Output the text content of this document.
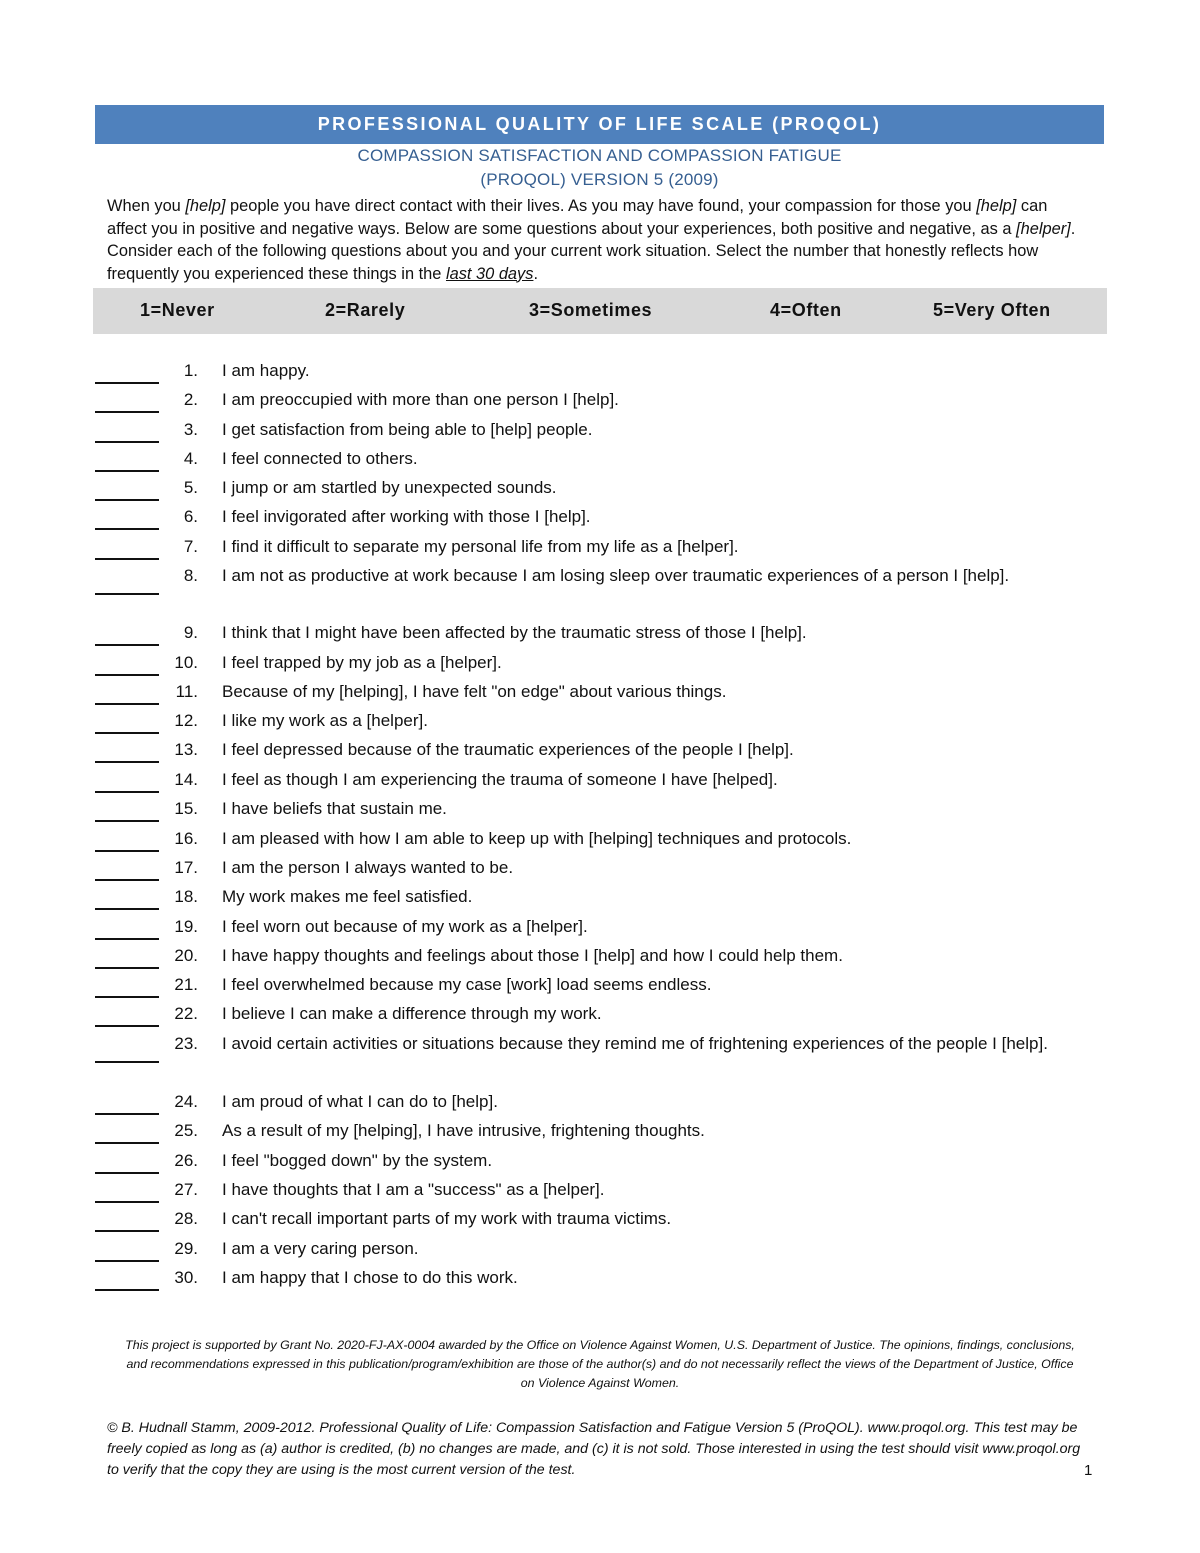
PROFESSIONAL QUALITY OF LIFE SCALE (PROQOL)
COMPASSION SATISFACTION AND COMPASSION FATIGUE
(PROQOL) VERSION 5 (2009)
When you [help] people you have direct contact with their lives. As you may have found, your compassion for those you [help] can affect you in positive and negative ways. Below are some questions about your experiences, both positive and negative, as a [helper]. Consider each of the following questions about you and your current work situation. Select the number that honestly reflects how frequently you experienced these things in the last 30 days.
1=Never	2=Rarely	3=Sometimes	4=Often	5=Very Often
1. I am happy.
2. I am preoccupied with more than one person I [help].
3. I get satisfaction from being able to [help] people.
4. I feel connected to others.
5. I jump or am startled by unexpected sounds.
6. I feel invigorated after working with those I [help].
7. I find it difficult to separate my personal life from my life as a [helper].
8. I am not as productive at work because I am losing sleep over traumatic experiences of a person I [help].
9. I think that I might have been affected by the traumatic stress of those I [help].
10. I feel trapped by my job as a [helper].
11. Because of my [helping], I have felt "on edge" about various things.
12. I like my work as a [helper].
13. I feel depressed because of the traumatic experiences of the people I [help].
14. I feel as though I am experiencing the trauma of someone I have [helped].
15. I have beliefs that sustain me.
16. I am pleased with how I am able to keep up with [helping] techniques and protocols.
17. I am the person I always wanted to be.
18. My work makes me feel satisfied.
19. I feel worn out because of my work as a [helper].
20. I have happy thoughts and feelings about those I [help] and how I could help them.
21. I feel overwhelmed because my case [work] load seems endless.
22. I believe I can make a difference through my work.
23. I avoid certain activities or situations because they remind me of frightening experiences of the people I [help].
24. I am proud of what I can do to [help].
25. As a result of my [helping], I have intrusive, frightening thoughts.
26. I feel "bogged down" by the system.
27. I have thoughts that I am a "success" as a [helper].
28. I can't recall important parts of my work with trauma victims.
29. I am a very caring person.
30. I am happy that I chose to do this work.
This project is supported by Grant No. 2020-FJ-AX-0004 awarded by the Office on Violence Against Women, U.S. Department of Justice. The opinions, findings, conclusions, and recommendations expressed in this publication/program/exhibition are those of the author(s) and do not necessarily reflect the views of the Department of Justice, Office on Violence Against Women.
© B. Hudnall Stamm, 2009-2012. Professional Quality of Life: Compassion Satisfaction and Fatigue Version 5 (ProQOL). www.proqol.org. This test may be freely copied as long as (a) author is credited, (b) no changes are made, and (c) it is not sold. Those interested in using the test should visit www.proqol.org to verify that the copy they are using is the most current version of the test.	1
